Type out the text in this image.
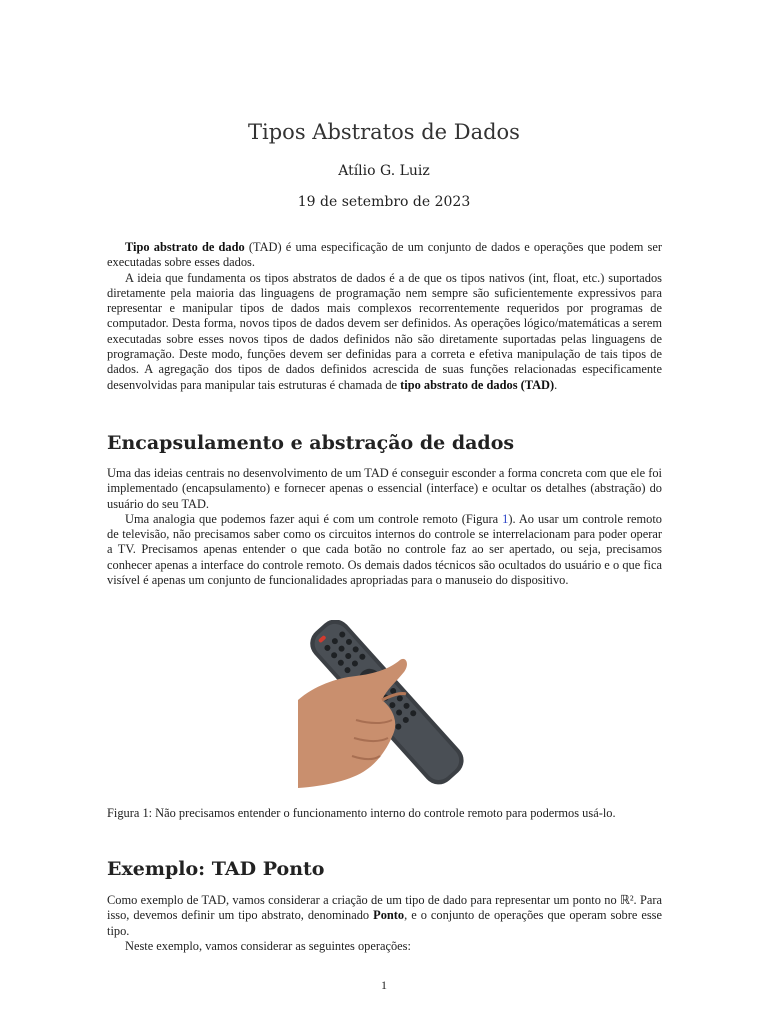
Tipos Abstratos de Dados
Atílio G. Luiz
19 de setembro de 2023

Tipo abstrato de dado (TAD) é uma especificação de um conjunto de dados e operações que podem ser executadas sobre esses dados.

A ideia que fundamenta os tipos abstratos de dados é a de que os tipos nativos (int, float, etc.) suportados diretamente pela maioria das linguagens de programação nem sempre são suficientemente expressivos para representar e manipular tipos de dados mais complexos recorrentemente requeridos por programas de computador. Desta forma, novos tipos de dados devem ser definidos. As operações lógico/matemáticas a serem executadas sobre esses novos tipos de dados definidos não são diretamente suportadas pelas linguagens de programação. Deste modo, funções devem ser definidas para a correta e efetiva manipulação de tais tipos de dados. A agregação dos tipos de dados definidos acrescida de suas funções relacionadas especificamente desenvolvidas para manipular tais estruturas é chamada de tipo abstrato de dados (TAD).

Encapsulamento e abstração de dados

Uma das ideias centrais no desenvolvimento de um TAD é conseguir esconder a forma concreta com que ele foi implementado (encapsulamento) e fornecer apenas o essencial (interface) e ocultar os detalhes (abstração) do usuário do seu TAD.

Uma analogia que podemos fazer aqui é com um controle remoto (Figura 1). Ao usar um controle remoto de televisão, não precisamos saber como os circuitos internos do controle se interrelacionam para poder operar a TV. Precisamos apenas entender o que cada botão no controle faz ao ser apertado, ou seja, precisamos conhecer apenas a interface do controle remoto. Os demais dados técnicos são ocultados do usuário e o que fica visível é apenas um conjunto de funcionalidades apropriadas para o manuseio do dispositivo.

Figura 1: Não precisamos entender o funcionamento interno do controle remoto para podermos usá-lo.
Exemplo: TAD Ponto

Como exemplo de TAD, vamos considerar a criação de um tipo de dado para representar um ponto no ℝ². Para isso, devemos definir um tipo abstrato, denominado Ponto, e o conjunto de operações que operam sobre esse tipo.

Neste exemplo, vamos considerar as seguintes operações:

1
